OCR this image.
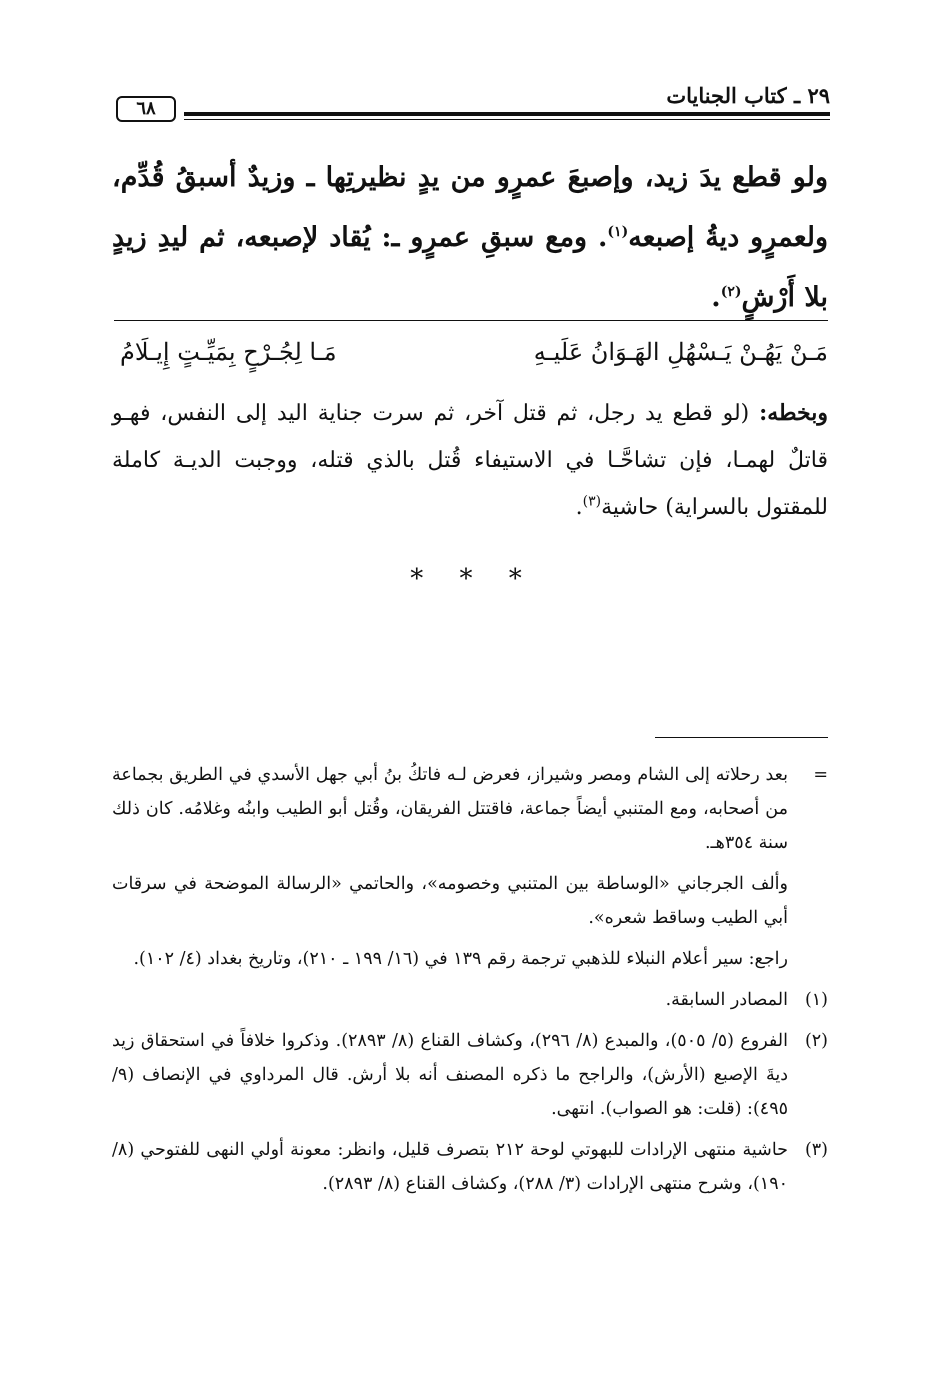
٦٨
٢٩ ـ كتاب الجنايات
ولو قطع يدَ زيد، وإصبعَ عمرٍو من يدٍ نظيرتِها ـ وزيدٌ أسبقُ قُدِّم، ولعمرٍو ديةُ إصبعه$^{(١)}$. ومع سبقِ عمرٍو ـ: يُقاد لإصبعه، ثم ليدِ زيدٍ بلا أَرْشٍ$^{(٢)}$.
مَـنْ يَهُـنْ يَـسْهُلِ الهَـوَانُ عَلَيـهِ
مَـا لِجُـرْحٍ بِمَيِّـتٍ إِيـلَامُ
وبخطه: (لو قطع يد رجل، ثم قتل آخر، ثم سرت جناية اليد إلى النفس، فهـو قاتلٌ لهمـا، فإن تشاحَّـا في الاستيفاء قُتل بالذي قتله، ووجبت الديـة كاملة للمقتول بالسراية) حاشية$^{(٣)}$.
* * *
=
بعد رحلاته إلى الشام ومصر وشيراز، فعرض لـه فاتكُ بنُ أبي جهل الأسدي في الطريق بجماعة من أصحابه، ومع المتنبي أيضاً جماعة، فاقتتل الفريقان، وقُتل أبو الطيب وابنُه وغلامُه. كان ذلك سنة ٣٥٤هـ.
وألف الجرجاني «الوساطة بين المتنبي وخصومه»، والحاتمي «الرسالة الموضحة في سرقات أبي الطيب وساقط شعره».
راجع: سير أعلام النبلاء للذهبي ترجمة رقم ١٣٩ في (١٦/ ١٩٩ ـ ٢١٠)، وتاريخ بغداد (٤/ ١٠٢).
(١)
المصادر السابقة.
(٢)
الفروع (٥/ ٥٠٥)، والمبدع (٨/ ٢٩٦)، وكشاف القناع (٨/ ٢٨٩٣). وذكروا خلافاً في استحقاق زيد ديةَ الإصبع (الأرش)، والراجح ما ذكره المصنف أنه بلا أرش. قال المرداوي في الإنصاف (٩/ ٤٩٥): (قلت: هو الصواب). انتهى.
(٣)
حاشية منتهى الإرادات للبهوتي لوحة ٢١٢ بتصرف قليل، وانظر: معونة أولي النهى للفتوحي (٨/ ١٩٠)، وشرح منتهى الإرادات (٣/ ٢٨٨)، وكشاف القناع (٨/ ٢٨٩٣).
